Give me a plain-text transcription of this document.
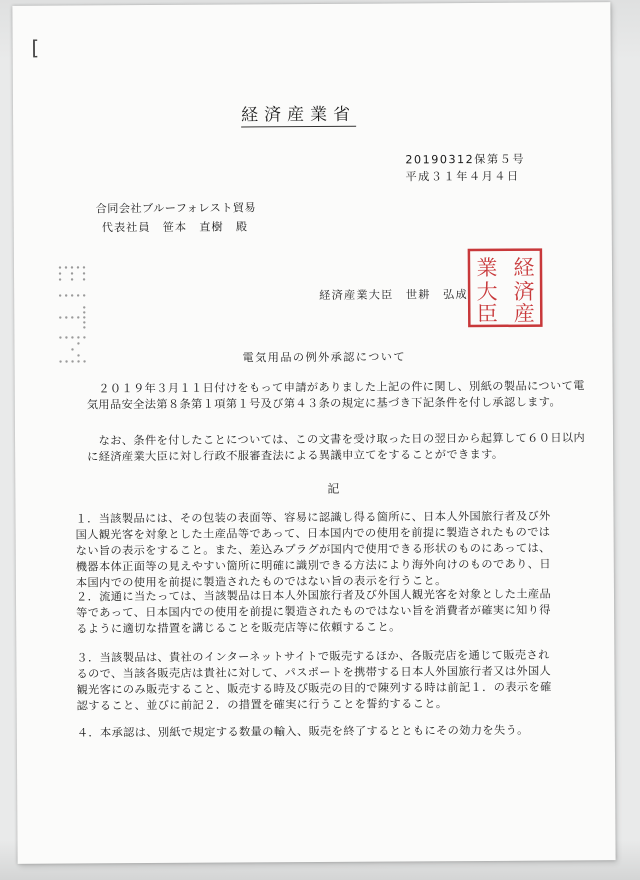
[
経済産業省
20190312保第５号
平成３１年４月４日
合同会社ブルーフォレスト貿易
代表社員　笹本　直樹　殿
経済産業大臣　世耕　弘成
経
済
産
業
大
臣
電気用品の例外承認について
　２０１９年３月１１日付けをもって申請がありました上記の件に関し、別紙の製品について電気用品安全法第８条第１項第１号及び第４３条の規定に基づき下記条件を付し承認します。
　なお、条件を付したことについては、この文書を受け取った日の翌日から起算して６０日以内に経済産業大臣に対し行政不服審査法による異議申立てをすることができます。
記
１．当該製品には、その包装の表面等、容易に認識し得る箇所に、日本人外国旅行者及び外国人観光客を対象とした土産品等であって、日本国内での使用を前提に製造されたものではない旨の表示をすること。また、差込みプラグが国内で使用できる形状のものにあっては、機器本体正面等の見えやすい箇所に明確に識別できる方法により海外向けのものであり、日本国内での使用を前提に製造されたものではない旨の表示を行うこと。
２．流通に当たっては、当該製品は日本人外国旅行者及び外国人観光客を対象とした土産品等であって、日本国内での使用を前提に製造されたものではない旨を消費者が確実に知り得るように適切な措置を講じることを販売店等に依頼すること。
３．当該製品は、貴社のインターネットサイトで販売するほか、各販売店を通じて販売されるので、当該各販売店は貴社に対して、パスポートを携帯する日本人外国旅行者又は外国人観光客にのみ販売すること、販売する時及び販売の目的で陳列する時は前記１．の表示を確認すること、並びに前記２．の措置を確実に行うことを誓約すること。
４．本承認は、別紙で規定する数量の輸入、販売を終了するとともにその効力を失う。
